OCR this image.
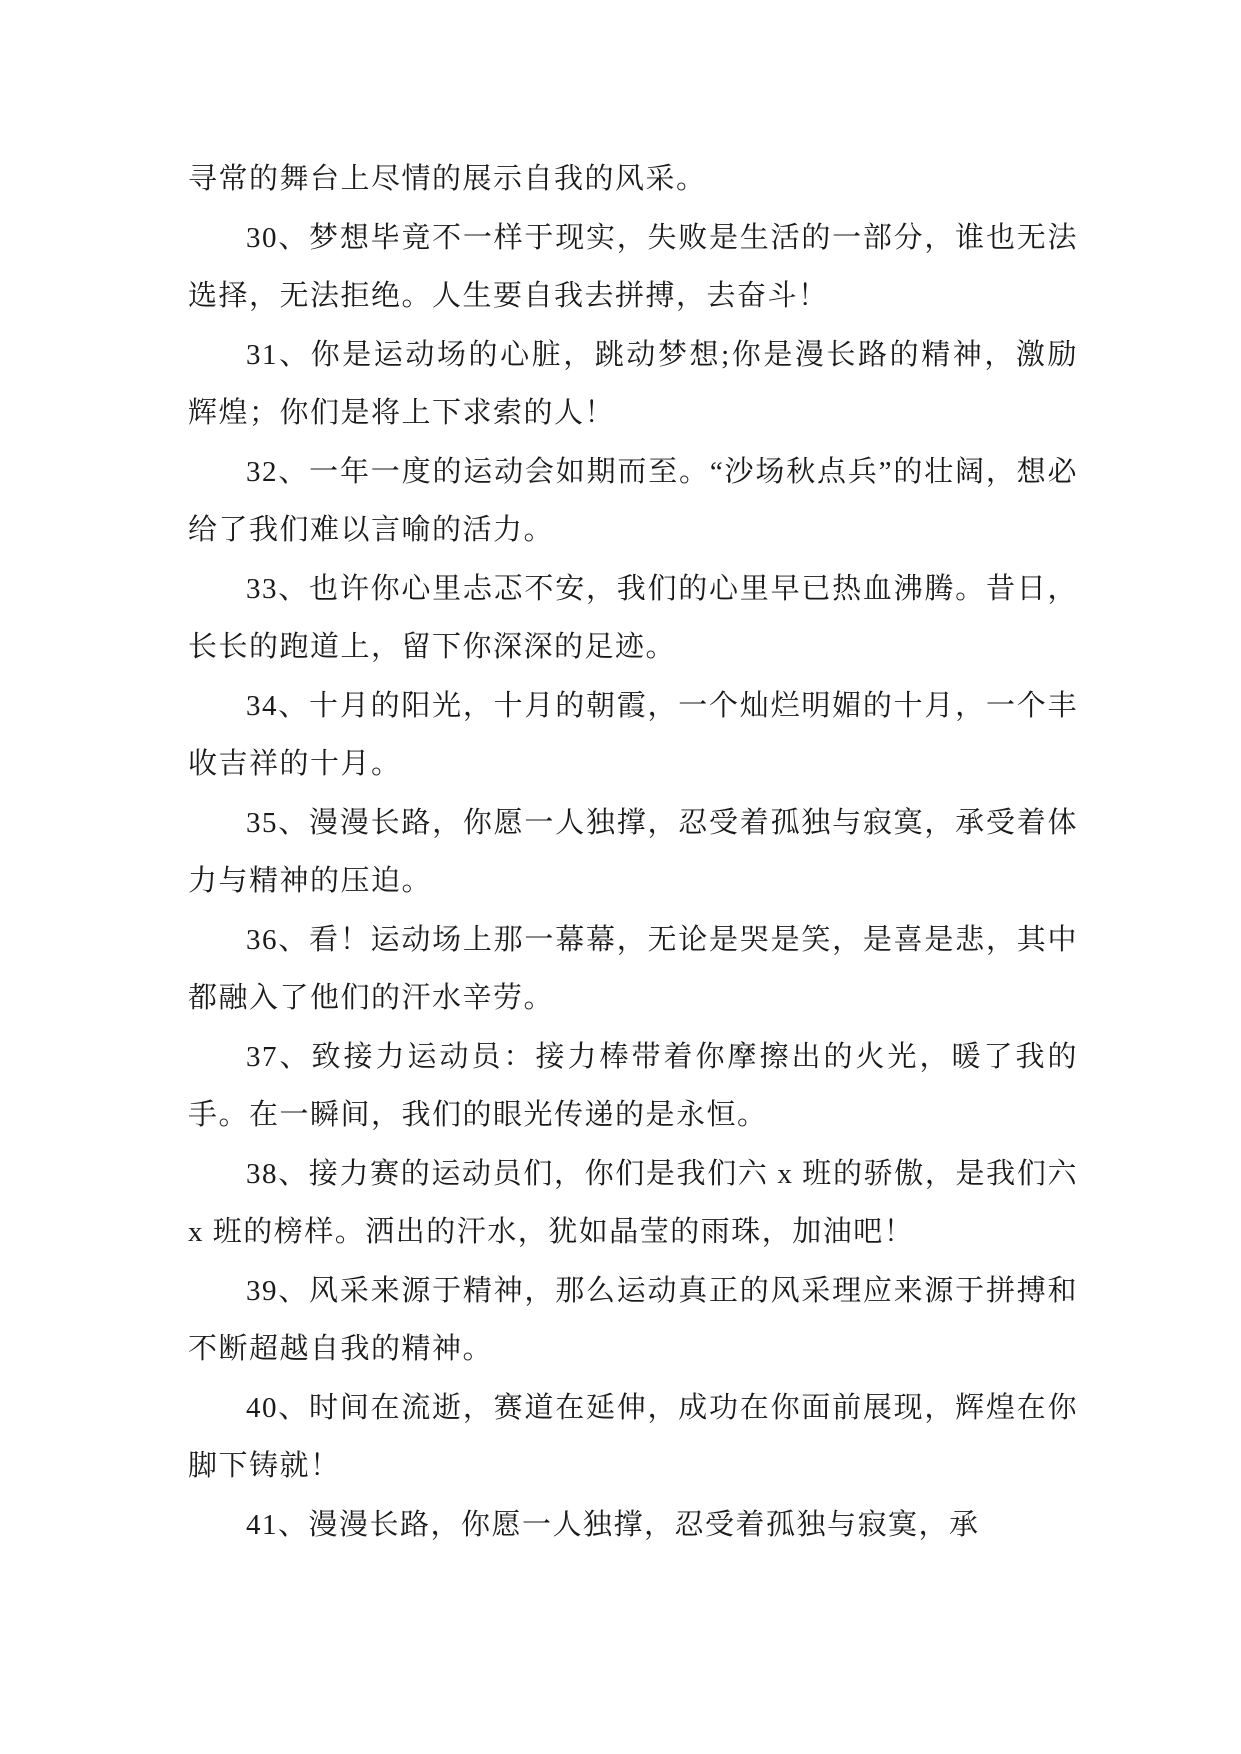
寻常的舞台上尽情的展示自我的风采。

30、梦想毕竟不一样于现实，失败是生活的一部分，谁也无法选择，无法拒绝。人生要自我去拼搏，去奋斗！

31、你是运动场的心脏，跳动梦想;你是漫长路的精神，激励辉煌；你们是将上下求索的人！

32、一年一度的运动会如期而至。“沙场秋点兵”的壮阔，想必给了我们难以言喻的活力。

33、也许你心里忐忑不安，我们的心里早已热血沸腾。昔日，长长的跑道上，留下你深深的足迹。

34、十月的阳光，十月的朝霞，一个灿烂明媚的十月，一个丰收吉祥的十月。

35、漫漫长路，你愿一人独撑，忍受着孤独与寂寞，承受着体力与精神的压迫。

36、看！运动场上那一幕幕，无论是哭是笑，是喜是悲，其中都融入了他们的汗水辛劳。

37、致接力运动员：接力棒带着你摩擦出的火光，暖了我的手。在一瞬间，我们的眼光传递的是永恒。

38、接力赛的运动员们，你们是我们六 x 班的骄傲，是我们六 x 班的榜样。洒出的汗水，犹如晶莹的雨珠，加油吧！

39、风采来源于精神，那么运动真正的风采理应来源于拼搏和不断超越自我的精神。

40、时间在流逝，赛道在延伸，成功在你面前展现，辉煌在你脚下铸就！

41、漫漫长路，你愿一人独撑，忍受着孤独与寂寞，承
